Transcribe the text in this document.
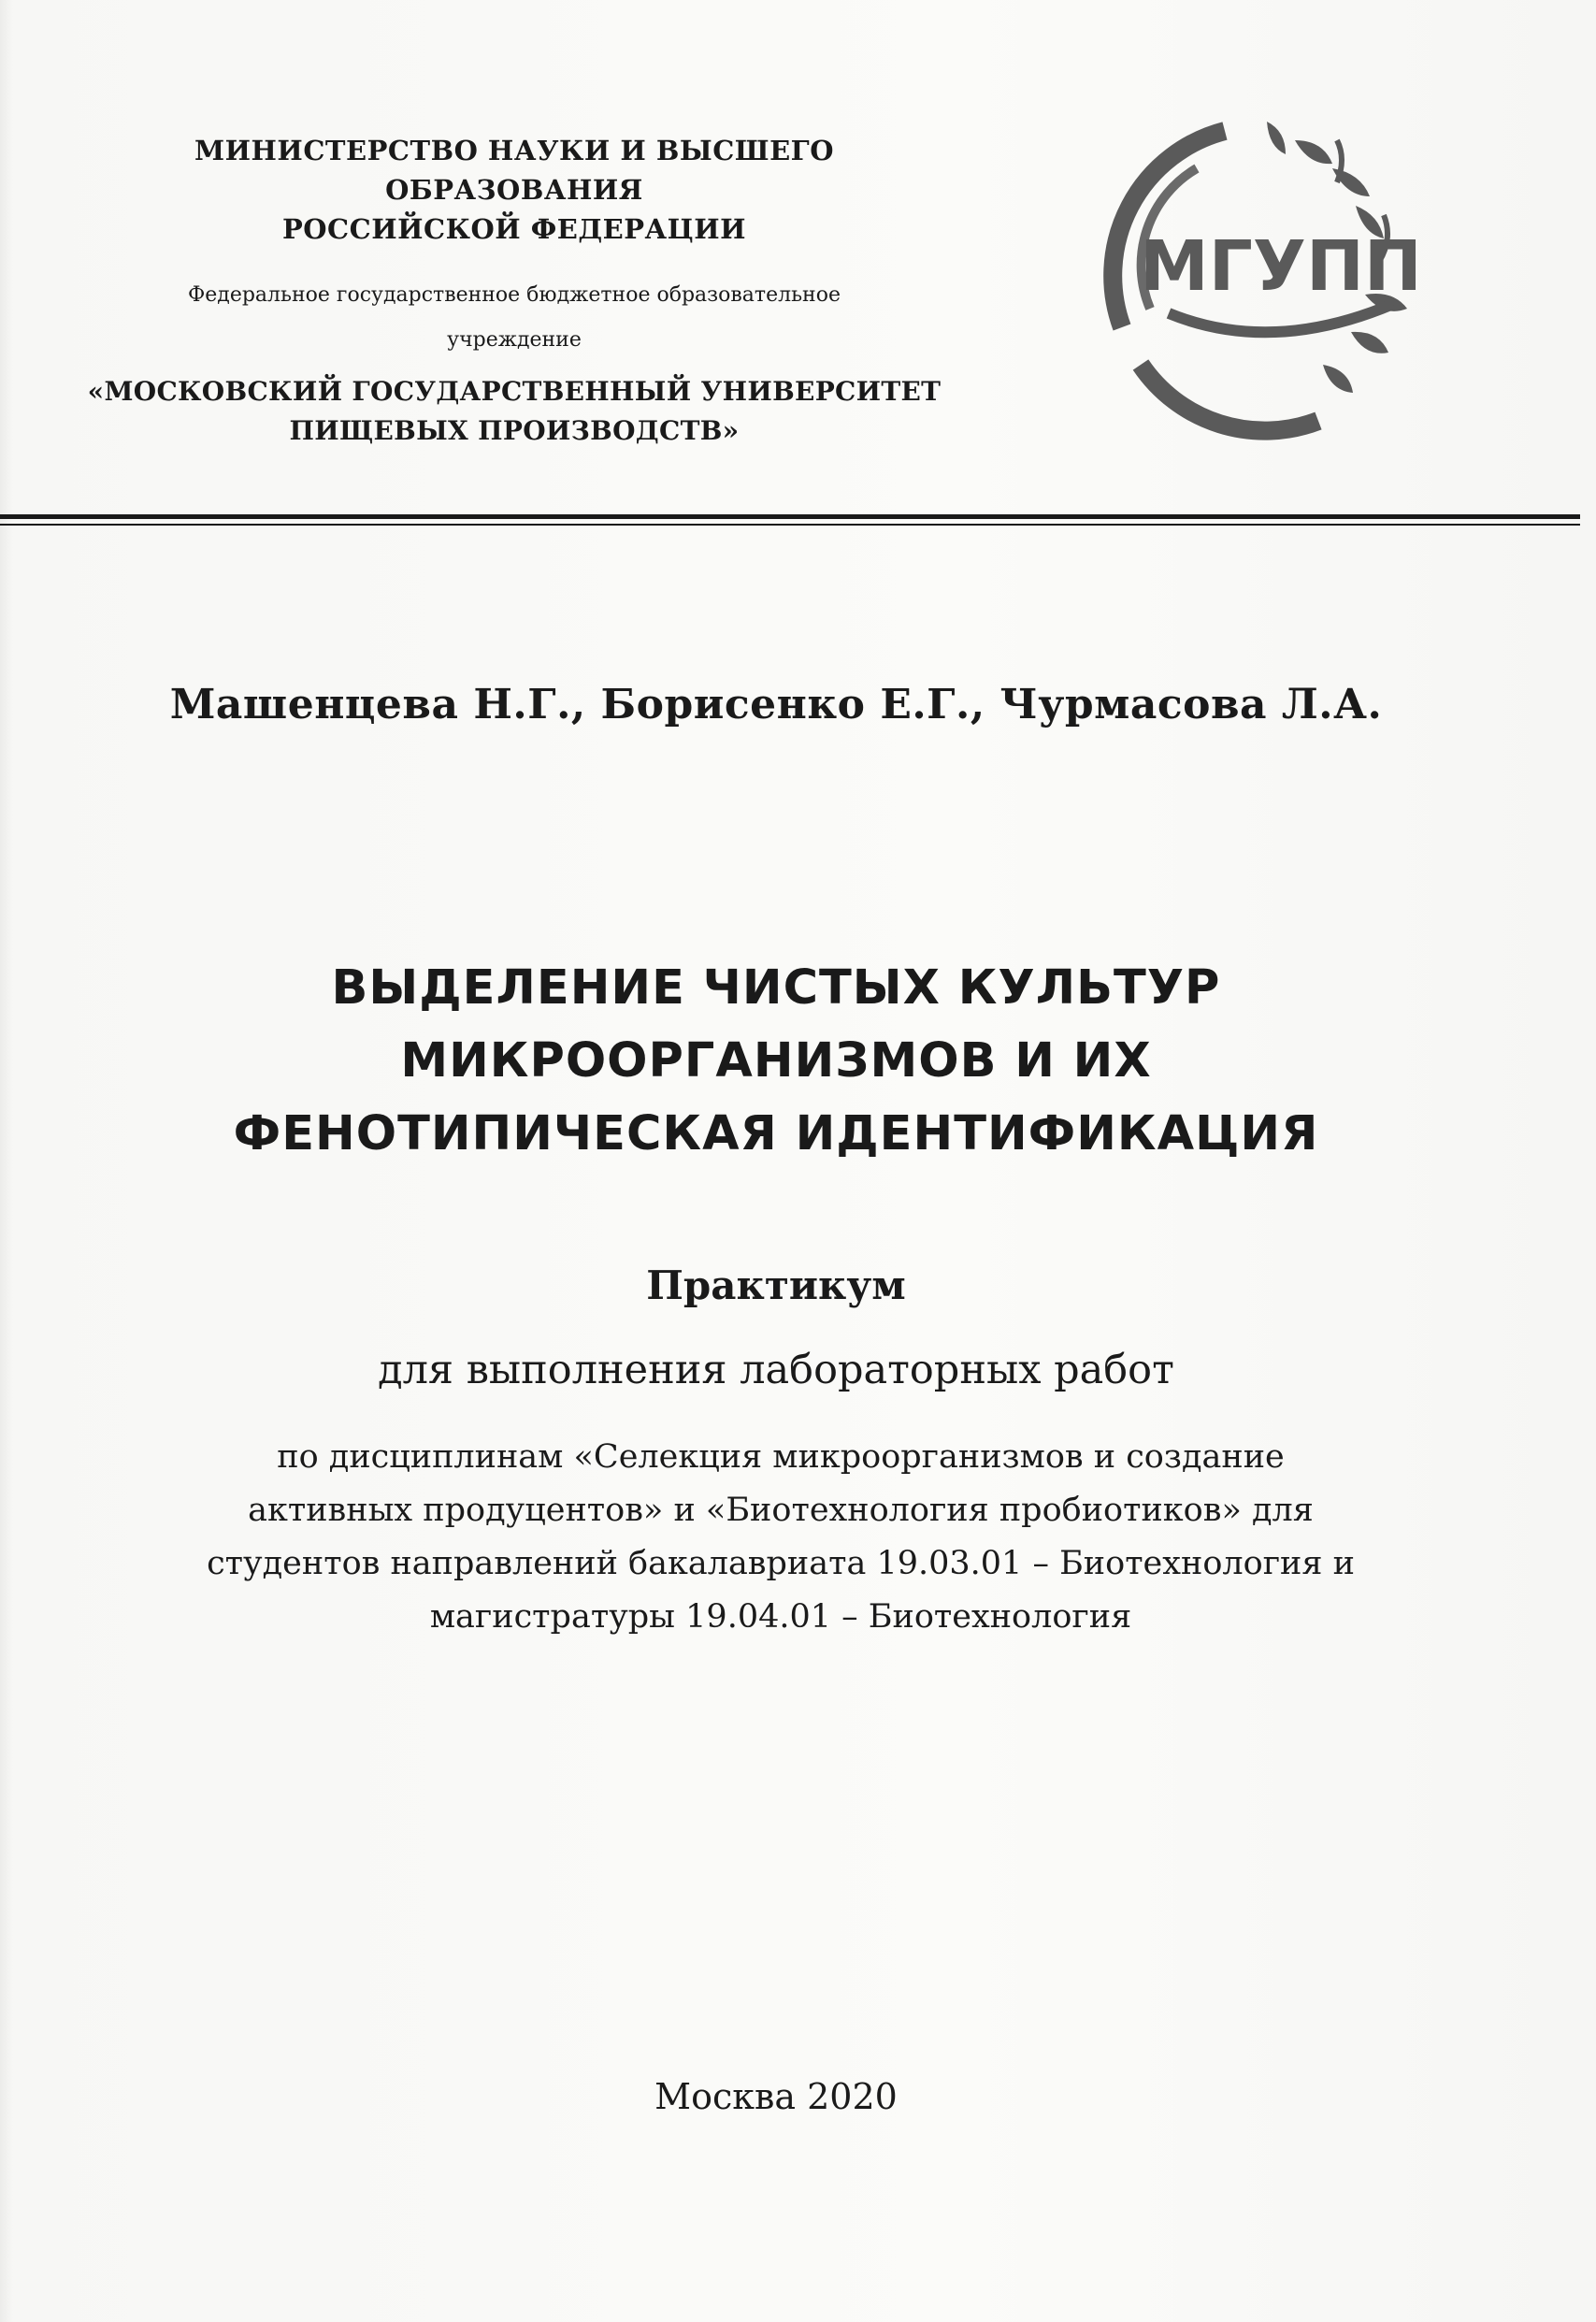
МИНИСТЕРСТВО НАУКИ И ВЫСШЕГО ОБРАЗОВАНИЯ
РОССИЙСКОЙ ФЕДЕРАЦИИ
Федеральное государственное бюджетное образовательное
учреждение
«МОСКОВСКИЙ ГОСУДАРСТВЕННЫЙ УНИВЕРСИТЕТ
ПИЩЕВЫХ ПРОИЗВОДСТВ»
МГУПП
Машенцева Н.Г., Борисенко Е.Г., Чурмасова Л.А.
ВЫДЕЛЕНИЕ ЧИСТЫХ КУЛЬТУР
МИКРООРГАНИЗМОВ И ИХ
ФЕНОТИПИЧЕСКАЯ ИДЕНТИФИКАЦИЯ
Практикум
для выполнения лабораторных работ
по дисциплинам «Селекция микроорганизмов и создание
активных продуцентов» и «Биотехнология пробиотиков» для
студентов направлений бакалавриата 19.03.01 – Биотехнология и
магистратуры 19.04.01 – Биотехнология
Москва 2020
